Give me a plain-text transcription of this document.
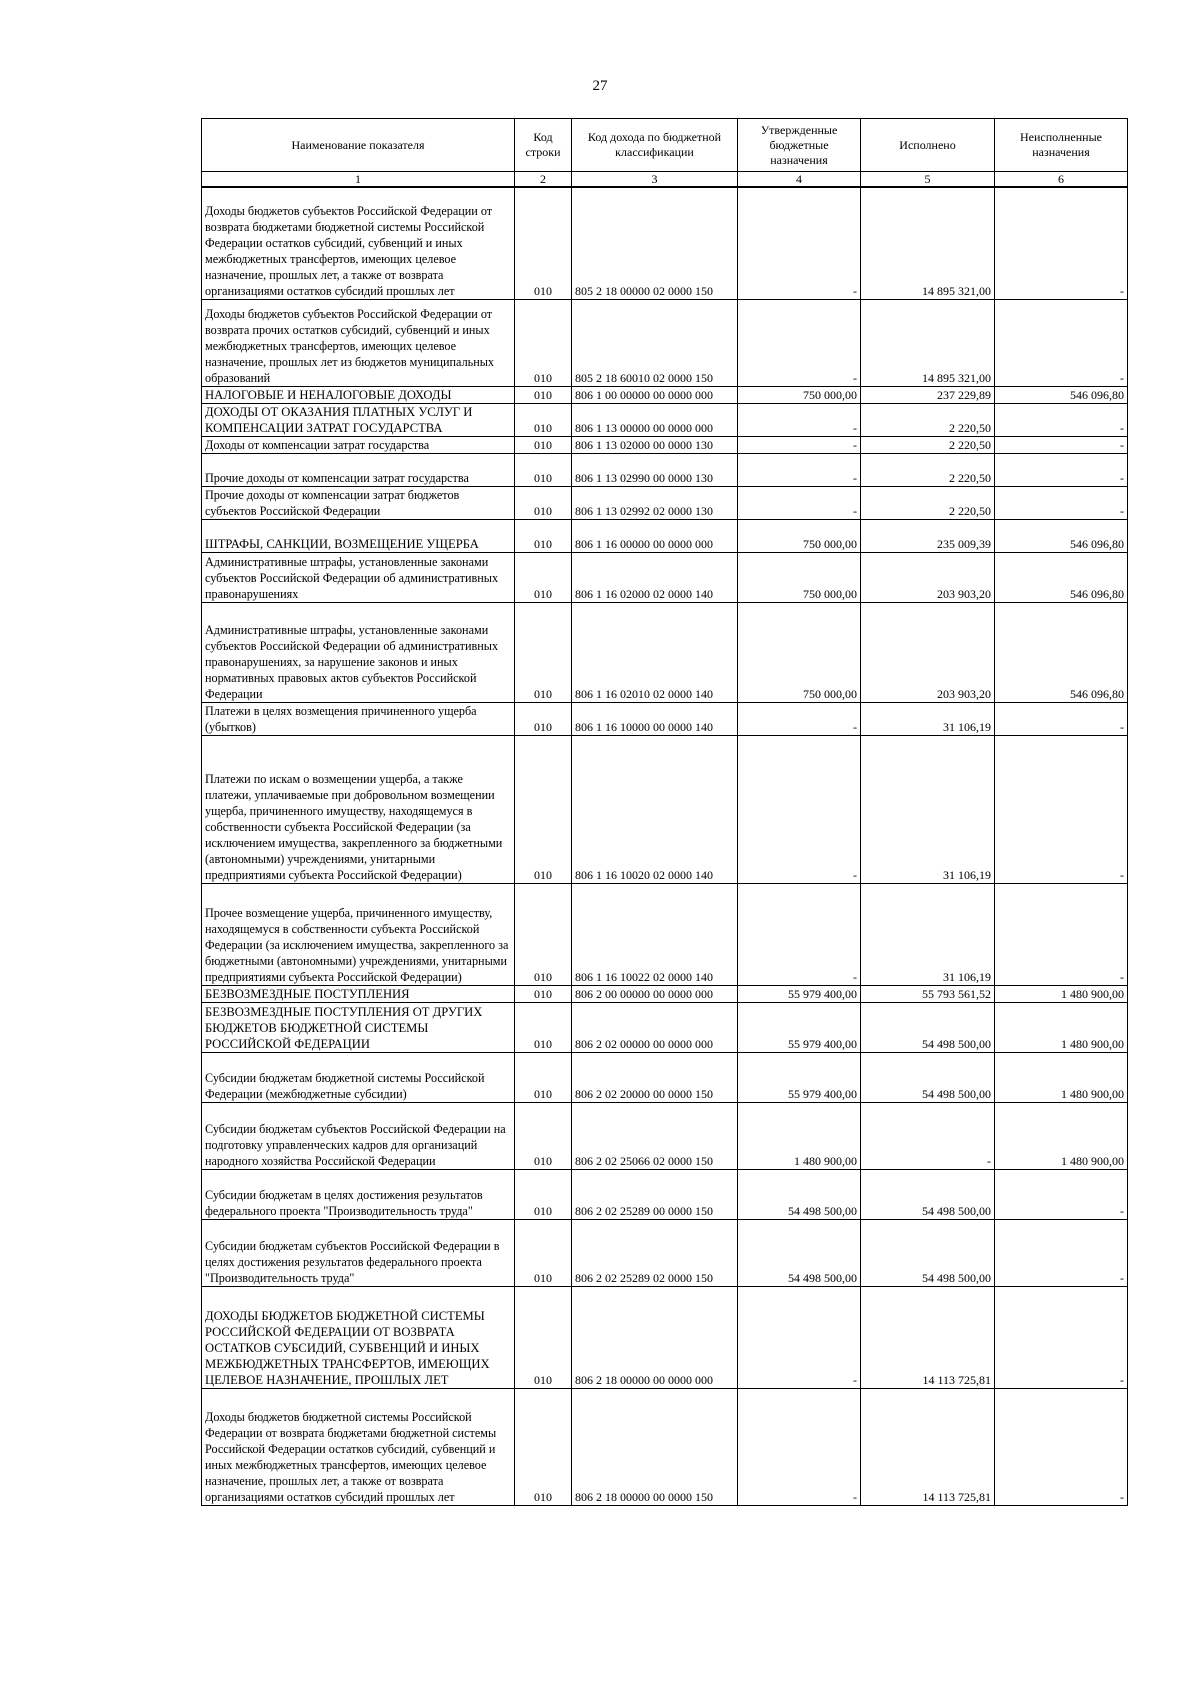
27
Наименование показателя	Код строки	Код дохода по бюджетной классификации	Утвержденные бюджетные назначения	Исполнено	Неисполненные назначения
1	2	3	4	5	6
Доходы бюджетов субъектов Российской Федерации от возврата бюджетами бюджетной системы Российской Федерации остатков субсидий, субвенций и иных межбюджетных трансфертов, имеющих целевое назначение, прошлых лет, а также от возврата организациями остатков субсидий прошлых лет	010	805 2 18 00000 02 0000 150	-	14 895 321,00	-
Доходы бюджетов субъектов Российской Федерации от возврата прочих остатков субсидий, субвенций и иных межбюджетных трансфертов, имеющих целевое назначение, прошлых лет из бюджетов муниципальных образований	010	805 2 18 60010 02 0000 150	-	14 895 321,00	-
НАЛОГОВЫЕ И НЕНАЛОГОВЫЕ ДОХОДЫ	010	806 1 00 00000 00 0000 000	750 000,00	237 229,89	546 096,80
ДОХОДЫ ОТ ОКАЗАНИЯ ПЛАТНЫХ УСЛУГ И КОМПЕНСАЦИИ ЗАТРАТ ГОСУДАРСТВА	010	806 1 13 00000 00 0000 000	-	2 220,50	-
Доходы от компенсации затрат государства	010	806 1 13 02000 00 0000 130	-	2 220,50	-
Прочие доходы от компенсации затрат государства	010	806 1 13 02990 00 0000 130	-	2 220,50	-
Прочие доходы от компенсации затрат бюджетов субъектов Российской Федерации	010	806 1 13 02992 02 0000 130	-	2 220,50	-
ШТРАФЫ, САНКЦИИ, ВОЗМЕЩЕНИЕ УЩЕРБА	010	806 1 16 00000 00 0000 000	750 000,00	235 009,39	546 096,80
Административные штрафы, установленные законами субъектов Российской Федерации об административных правонарушениях	010	806 1 16 02000 02 0000 140	750 000,00	203 903,20	546 096,80
Административные штрафы, установленные законами субъектов Российской Федерации об административных правонарушениях, за нарушение законов и иных нормативных правовых актов субъектов Российской Федерации	010	806 1 16 02010 02 0000 140	750 000,00	203 903,20	546 096,80
Платежи в целях возмещения причиненного ущерба (убытков)	010	806 1 16 10000 00 0000 140	-	31 106,19	-
Платежи по искам о возмещении ущерба, а также платежи, уплачиваемые при добровольном возмещении ущерба, причиненного имуществу, находящемуся в собственности субъекта Российской Федерации (за исключением имущества, закрепленного за бюджетными (автономными) учреждениями, унитарными предприятиями субъекта Российской Федерации)	010	806 1 16 10020 02 0000 140	-	31 106,19	-
Прочее возмещение ущерба, причиненного имуществу, находящемуся в собственности субъекта Российской Федерации (за исключением имущества, закрепленного за бюджетными (автономными) учреждениями, унитарными предприятиями субъекта Российской Федерации)	010	806 1 16 10022 02 0000 140	-	31 106,19	-
БЕЗВОЗМЕЗДНЫЕ ПОСТУПЛЕНИЯ	010	806 2 00 00000 00 0000 000	55 979 400,00	55 793 561,52	1 480 900,00
БЕЗВОЗМЕЗДНЫЕ ПОСТУПЛЕНИЯ ОТ ДРУГИХ БЮДЖЕТОВ БЮДЖЕТНОЙ СИСТЕМЫ РОССИЙСКОЙ ФЕДЕРАЦИИ	010	806 2 02 00000 00 0000 000	55 979 400,00	54 498 500,00	1 480 900,00
Субсидии бюджетам бюджетной системы Российской Федерации (межбюджетные субсидии)	010	806 2 02 20000 00 0000 150	55 979 400,00	54 498 500,00	1 480 900,00
Субсидии бюджетам субъектов Российской Федерации на подготовку управленческих кадров для организаций народного хозяйства Российской Федерации	010	806 2 02 25066 02 0000 150	1 480 900,00	-	1 480 900,00
Субсидии бюджетам в целях достижения результатов федерального проекта "Производительность труда"	010	806 2 02 25289 00 0000 150	54 498 500,00	54 498 500,00	-
Субсидии бюджетам субъектов Российской Федерации в целях достижения результатов федерального проекта "Производительность труда"	010	806 2 02 25289 02 0000 150	54 498 500,00	54 498 500,00	-
ДОХОДЫ БЮДЖЕТОВ БЮДЖЕТНОЙ СИСТЕМЫ РОССИЙСКОЙ ФЕДЕРАЦИИ ОТ ВОЗВРАТА ОСТАТКОВ СУБСИДИЙ, СУБВЕНЦИЙ И ИНЫХ МЕЖБЮДЖЕТНЫХ ТРАНСФЕРТОВ, ИМЕЮЩИХ ЦЕЛЕВОЕ НАЗНАЧЕНИЕ, ПРОШЛЫХ ЛЕТ	010	806 2 18 00000 00 0000 000	-	14 113 725,81	-
Доходы бюджетов бюджетной системы Российской Федерации от возврата бюджетами бюджетной системы Российской Федерации остатков субсидий, субвенций и иных межбюджетных трансфертов, имеющих целевое назначение, прошлых лет, а также от возврата организациями остатков субсидий прошлых лет	010	806 2 18 00000 00 0000 150	-	14 113 725,81	-
